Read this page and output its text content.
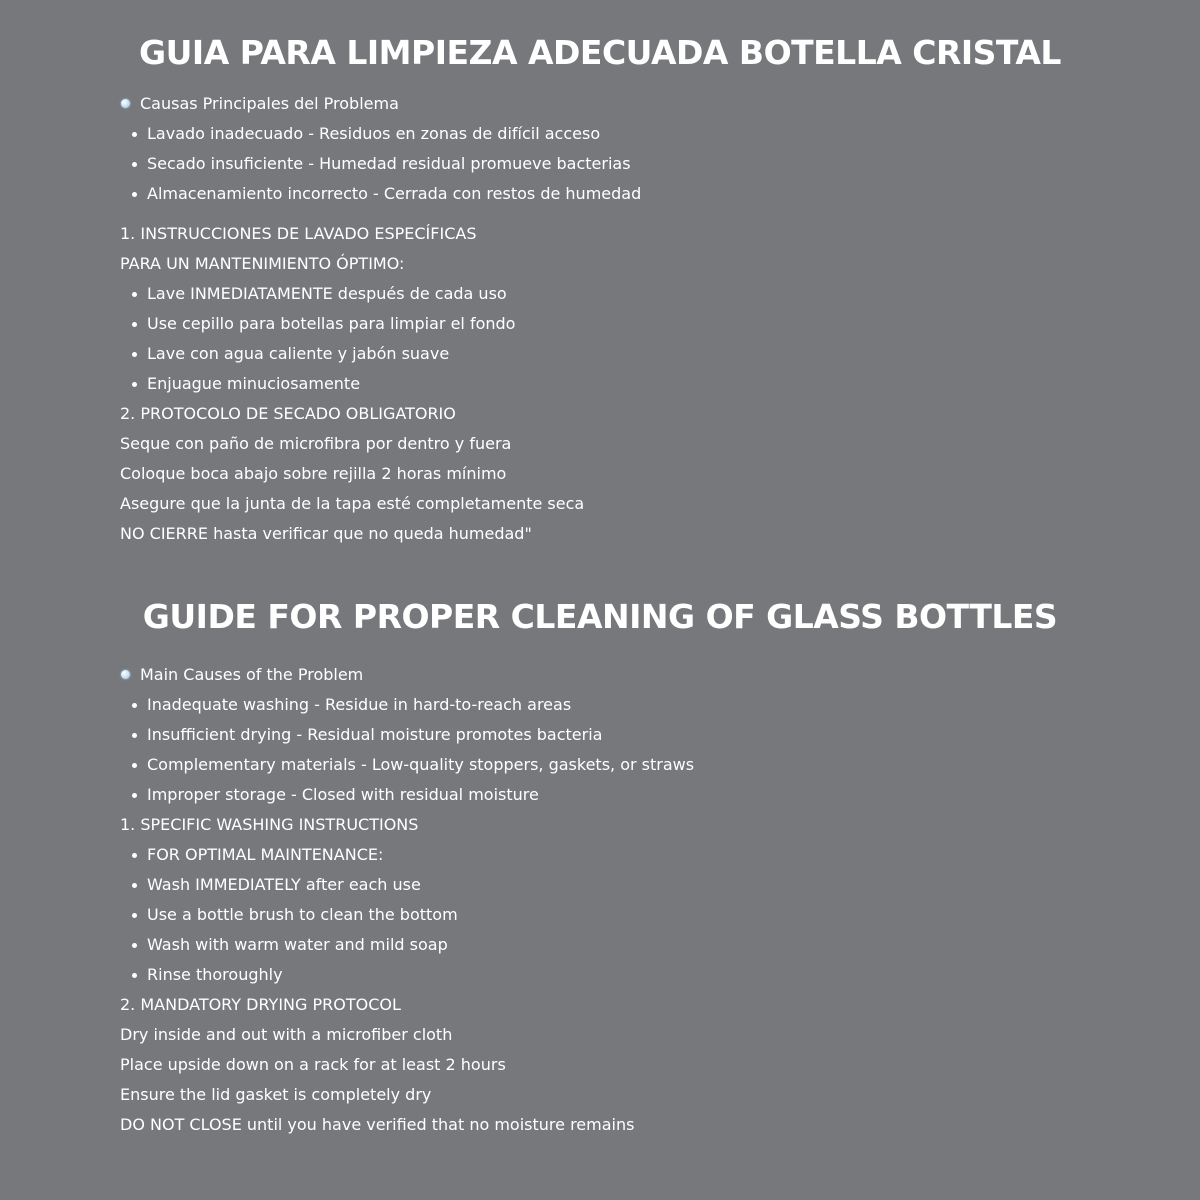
GUIA PARA LIMPIEZA ADECUADA BOTELLA CRISTAL
Causas Principales del Problema
Lavado inadecuado - Residuos en zonas de difícil acceso
Secado insuficiente - Humedad residual promueve bacterias
Almacenamiento incorrecto - Cerrada con restos de humedad
1. INSTRUCCIONES DE LAVADO ESPECÍFICAS
PARA UN MANTENIMIENTO ÓPTIMO:
Lave INMEDIATAMENTE después de cada uso
Use cepillo para botellas para limpiar el fondo
Lave con agua caliente y jabón suave
Enjuague minuciosamente
2. PROTOCOLO DE SECADO OBLIGATORIO
Seque con paño de microfibra por dentro y fuera
Coloque boca abajo sobre rejilla 2 horas mínimo
Asegure que la junta de la tapa esté completamente seca
NO CIERRE hasta verificar que no queda humedad"
GUIDE FOR PROPER CLEANING OF GLASS BOTTLES
Main Causes of the Problem
Inadequate washing - Residue in hard-to-reach areas
Insufficient drying - Residual moisture promotes bacteria
Complementary materials - Low-quality stoppers, gaskets, or straws
Improper storage - Closed with residual moisture
1. SPECIFIC WASHING INSTRUCTIONS
FOR OPTIMAL MAINTENANCE:
Wash IMMEDIATELY after each use
Use a bottle brush to clean the bottom
Wash with warm water and mild soap
Rinse thoroughly
2. MANDATORY DRYING PROTOCOL
Dry inside and out with a microfiber cloth
Place upside down on a rack for at least 2 hours
Ensure the lid gasket is completely dry
DO NOT CLOSE until you have verified that no moisture remains
